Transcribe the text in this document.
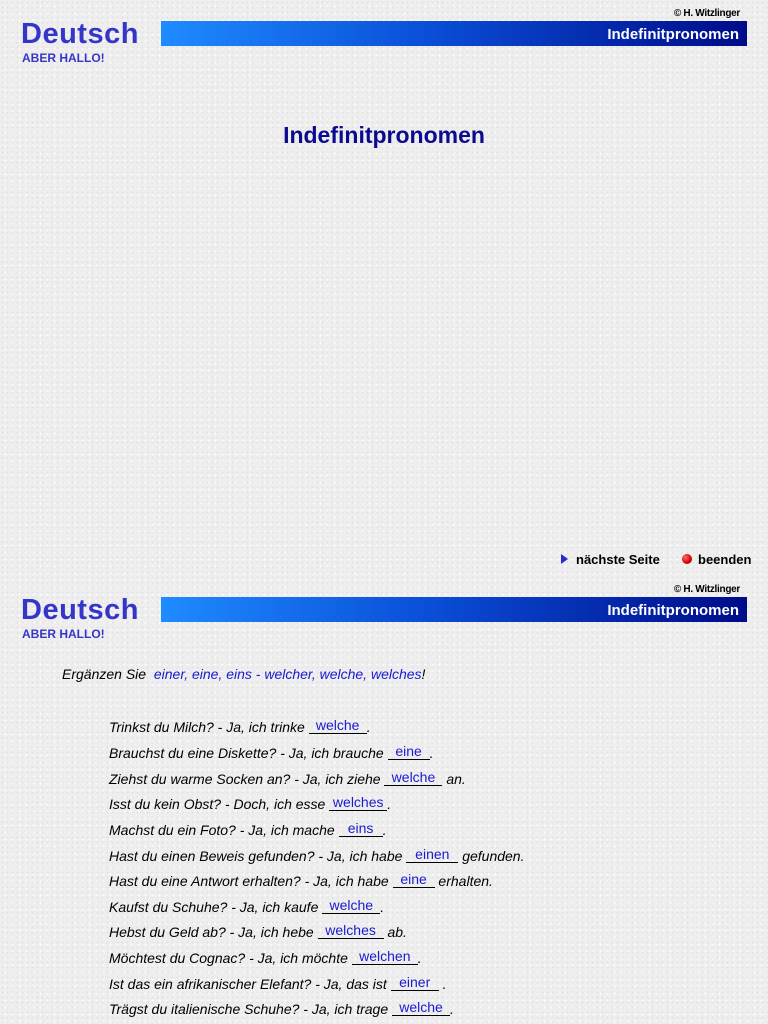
© H. Witzlinger
Deutsch
ABER HALLO!
Indefinitpronomen
Indefinitpronomen
nächste Seite	beenden
© H. Witzlinger
Deutsch
ABER HALLO!
Indefinitpronomen
Ergänzen Sie einer, eine, eins - welcher, welche, welches!
Trinkst du Milch? - Ja, ich trinke welche .
Brauchst du eine Diskette? - Ja, ich brauche eine .
Ziehst du warme Socken an? - Ja, ich ziehe welche an.
Isst du kein Obst? - Doch, ich esse welches .
Machst du ein Foto? - Ja, ich mache eins .
Hast du einen Beweis gefunden? - Ja, ich habe einen gefunden.
Hast du eine Antwort erhalten? - Ja, ich habe eine erhalten.
Kaufst du Schuhe? - Ja, ich kaufe welche .
Hebst du Geld ab? - Ja, ich hebe welches ab.
Möchtest du Cognac? - Ja, ich möchte welchen .
Ist das ein afrikanischer Elefant? - Ja, das ist einer .
Trägst du italienische Schuhe? - Ja, ich trage welche .
